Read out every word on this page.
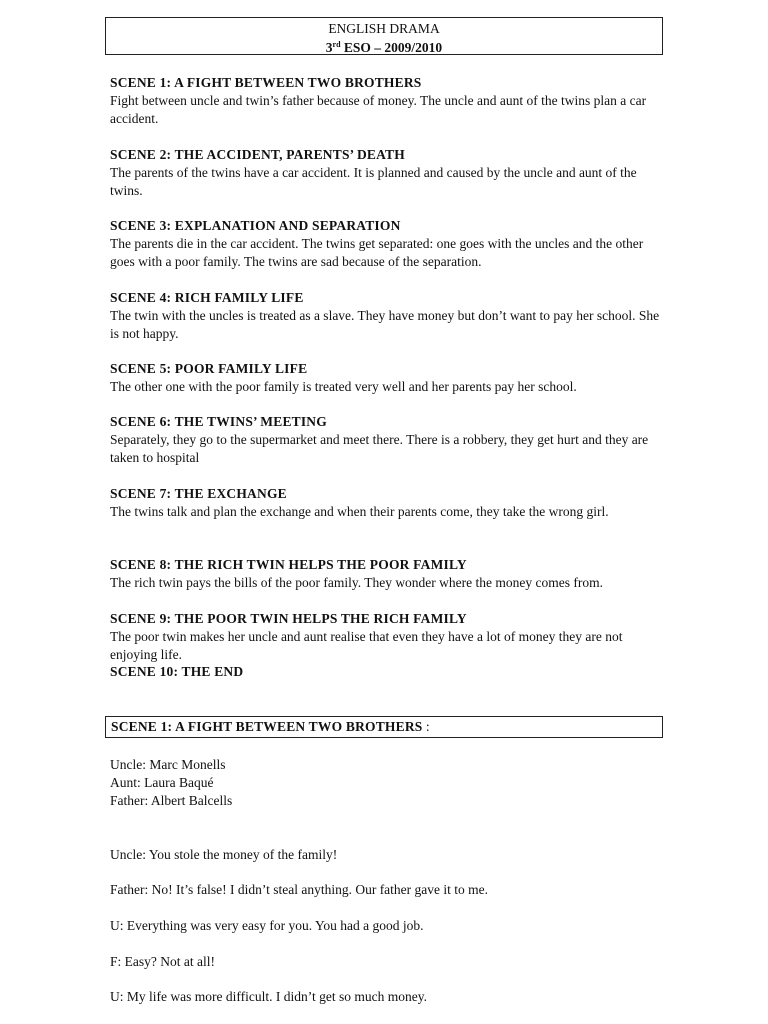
ENGLISH DRAMA
3rd ESO – 2009/2010
SCENE 1: A FIGHT BETWEEN TWO BROTHERS

Fight between uncle and twin’s father because of money. The uncle and aunt of the twins plan a car accident.

SCENE 2: THE ACCIDENT, PARENTS’ DEATH

The parents of the twins have a car accident. It is planned and caused by the uncle and aunt of the twins.

SCENE 3: EXPLANATION AND SEPARATION

The parents die in the car accident. The twins get separated: one goes with the uncles and the other goes with a poor family. The twins are sad because of the separation.

SCENE 4: RICH FAMILY LIFE

The twin with the uncles is treated as a slave. They have money but don’t want to pay her school. She is not happy.

SCENE 5: POOR FAMILY LIFE

The other one with the poor family is treated very well and her parents pay her school.

SCENE 6: THE TWINS’ MEETING

Separately, they go to the supermarket and meet there. There is a robbery, they get hurt and they are taken to hospital

SCENE 7: THE EXCHANGE

The twins talk and plan the exchange and when their parents come, they take the wrong girl.

SCENE 8: THE RICH TWIN HELPS THE POOR FAMILY

The rich twin pays the bills of the poor family. They wonder where the money comes from.

SCENE 9: THE POOR TWIN HELPS THE RICH FAMILY

The poor twin makes her uncle and aunt realise that even they have a lot of money they are not enjoying life.

SCENE 10: THE END
SCENE 1: A FIGHT BETWEEN TWO BROTHERS :
Uncle: Marc Monells
Aunt: Laura Baqué
Father: Albert Balcells
Uncle: You stole the money of the family!
Father: No! It’s false! I didn’t steal anything. Our father gave it to me.
U: Everything was very easy for you. You had a good job.
F: Easy? Not at all!
U: My life was more difficult. I didn’t get so much money.
